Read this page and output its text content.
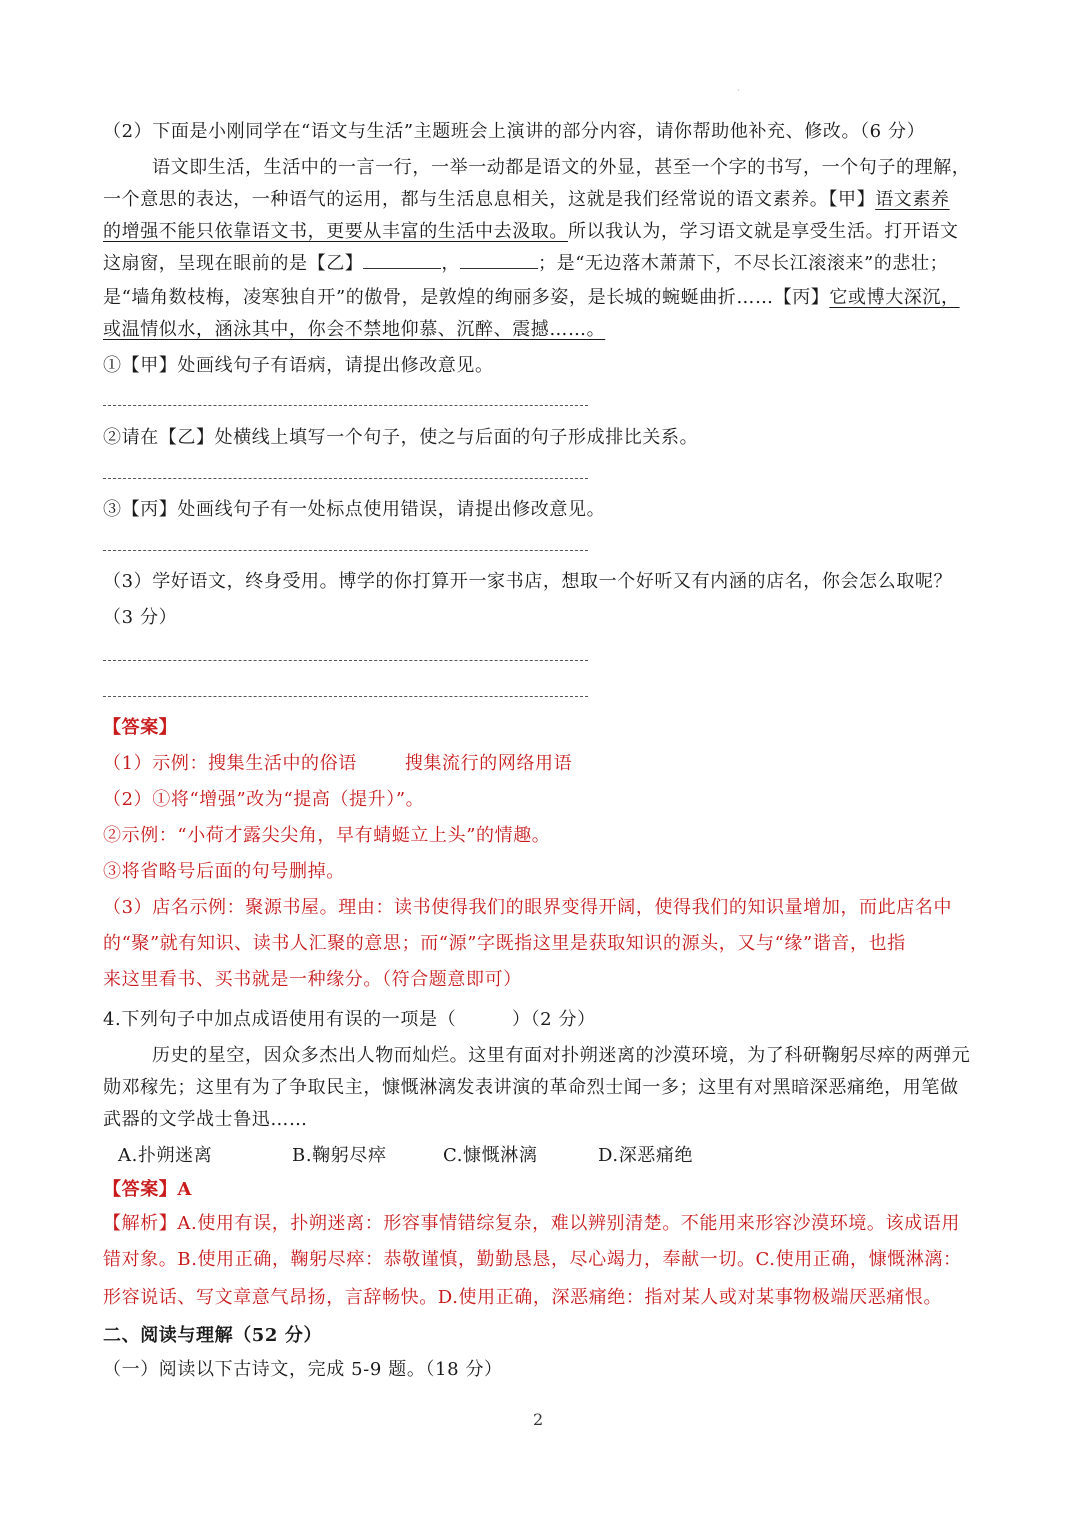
·
（2）下面是小刚同学在“语文与生活”主题班会上演讲的部分内容，请你帮助他补充、修改。（6 分）
语文即生活，生活中的一言一行，一举一动都是语文的外显，甚至一个字的书写，一个句子的理解，
一个意思的表达，一种语气的运用，都与生活息息相关，这就是我们经常说的语文素养。【甲】语文素养
的增强不能只依靠语文书，更要从丰富的生活中去汲取。所以我认为，学习语文就是享受生活。打开语文
这扇窗，呈现在眼前的是【乙】	，	；是“无边落木萧萧下，不尽长江滚滚来”的悲壮；
是“墙角数枝梅，凌寒独自开”的傲骨，是敦煌的绚丽多姿，是长城的蜿蜒曲折……【丙】它或博大深沉，
或温情似水，涵泳其中，你会不禁地仰慕、沉醉、震撼……。
①【甲】处画线句子有语病，请提出修改意见。
②请在【乙】处横线上填写一个句子，使之与后面的句子形成排比关系。
③【丙】处画线句子有一处标点使用错误，请提出修改意见。
（3）学好语文，终身受用。博学的你打算开一家书店，想取一个好听又有内涵的店名，你会怎么取呢？
（3 分）
【答案】
（1）示例：搜集生活中的俗语	搜集流行的网络用语
（2）①将“增强”改为“提高（提升）”。
②示例：“小荷才露尖尖角，早有蜻蜓立上头”的情趣。
③将省略号后面的句号删掉。
（3）店名示例：聚源书屋。理由：读书使得我们的眼界变得开阔，使得我们的知识量增加，而此店名中
的“聚”就有知识、读书人汇聚的意思；而“源”字既指这里是获取知识的源头，又与“缘”谐音，也指
来这里看书、买书就是一种缘分。（符合题意即可）
4.下列句子中加点成语使用有误的一项是（　　　）（2 分）
历史的星空，因众多杰出人物而灿烂。这里有面对扑朔迷离的沙漠环境，为了科研鞠躬尽瘁的两弹元
勋邓稼先；这里有为了争取民主，慷慨淋漓发表讲演的革命烈士闻一多；这里有对黑暗深恶痛绝，用笔做
武器的文学战士鲁迅……
A.扑朔迷离	B.鞠躬尽瘁	C.慷慨淋漓	D.深恶痛绝
【答案】A
【解析】A.使用有误，扑朔迷离：形容事情错综复杂，难以辨别清楚。不能用来形容沙漠环境。该成语用
错对象。B.使用正确，鞠躬尽瘁：恭敬谨慎，勤勤恳恳，尽心竭力，奉献一切。C.使用正确，慷慨淋漓：
形容说话、写文章意气昂扬，言辞畅快。D.使用正确，深恶痛绝：指对某人或对某事物极端厌恶痛恨。
二、阅读与理解（52 分）
（一）阅读以下古诗文，完成 5-9 题。（18 分）
2
